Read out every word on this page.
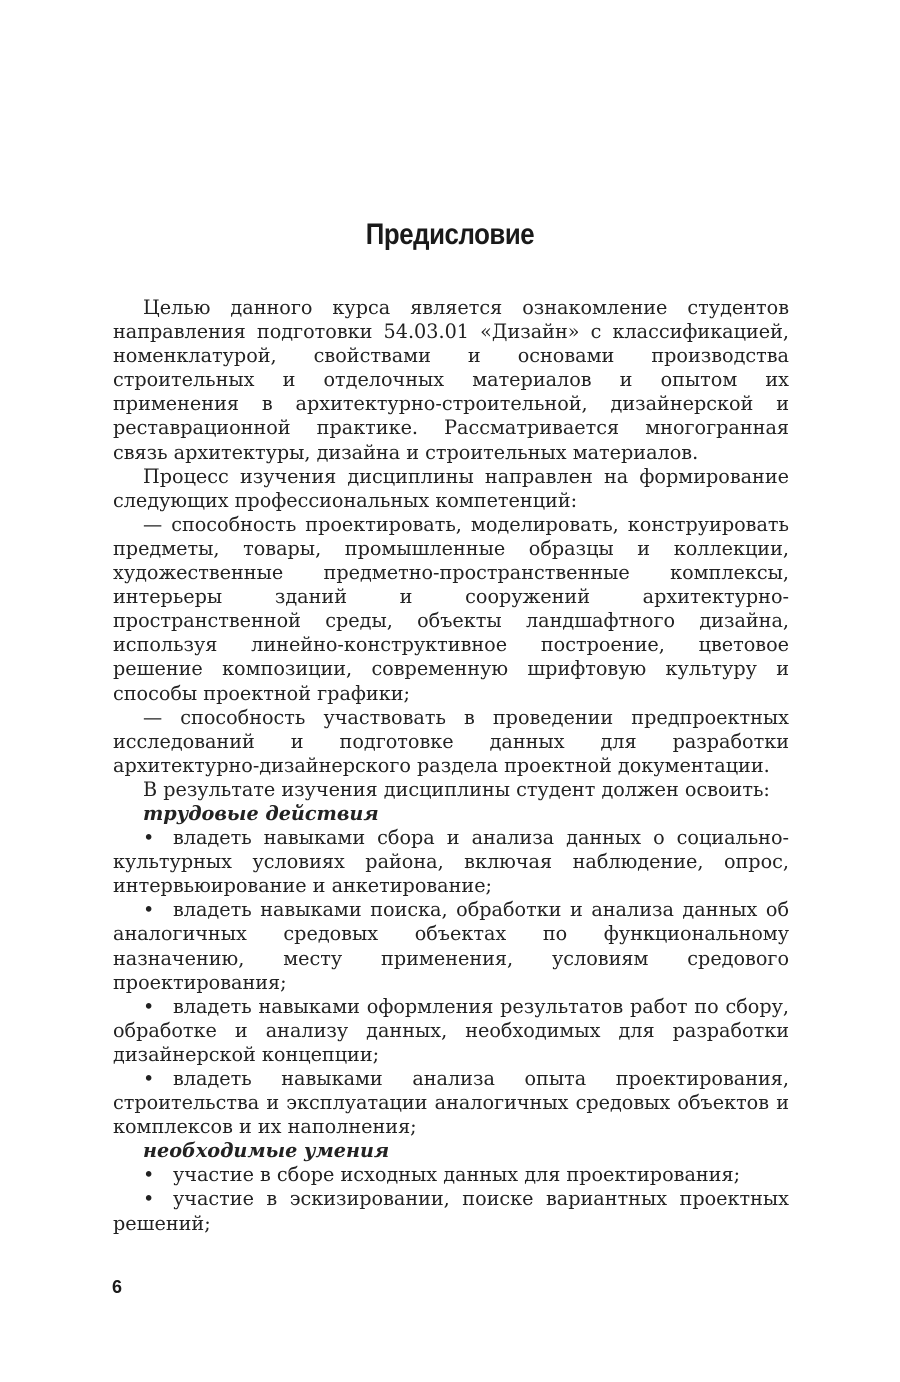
Предисловие

Целью данного курса является ознакомление студентов направления подготовки 54.03.01 «Дизайн» с классификацией, номенклатурой, свойствами и основами производства строительных и отделочных материалов и опытом их применения в архитектурно-строительной, дизайнерской и реставрационной практике. Рассматривается многогранная связь архитектуры, дизайна и строительных материалов.

Процесс изучения дисциплины направлен на формирование следующих профессиональных компетенций:

— способность проектировать, моделировать, конструировать предметы, товары, промышленные образцы и коллекции, художественные предметно-пространственные комплексы, интерьеры зданий и сооружений архитектурно-пространственной среды, объекты ландшафтного дизайна, используя линейно-конструктивное построение, цветовое решение композиции, современную шрифтовую культуру и способы проектной графики;

— способность участвовать в проведении предпроектных исследований и подготовке данных для разработки архитектурно-дизайнерского раздела проектной документации.

В результате изучения дисциплины студент должен освоить:

трудовые действия

• владеть навыками сбора и анализа данных о социально-культурных условиях района, включая наблюдение, опрос, интервьюирование и анкетирование;

• владеть навыками поиска, обработки и анализа данных об аналогичных средовых объектах по функциональному назначению, месту применения, условиям средового проектирования;

• владеть навыками оформления результатов работ по сбору, обработке и анализу данных, необходимых для разработки дизайнерской концепции;

• владеть навыками анализа опыта проектирования, строительства и эксплуатации аналогичных средовых объектов и комплексов и их наполнения;

необходимые умения

• участие в сборе исходных данных для проектирования;

• участие в эскизировании, поиске вариантных проектных решений;

6
